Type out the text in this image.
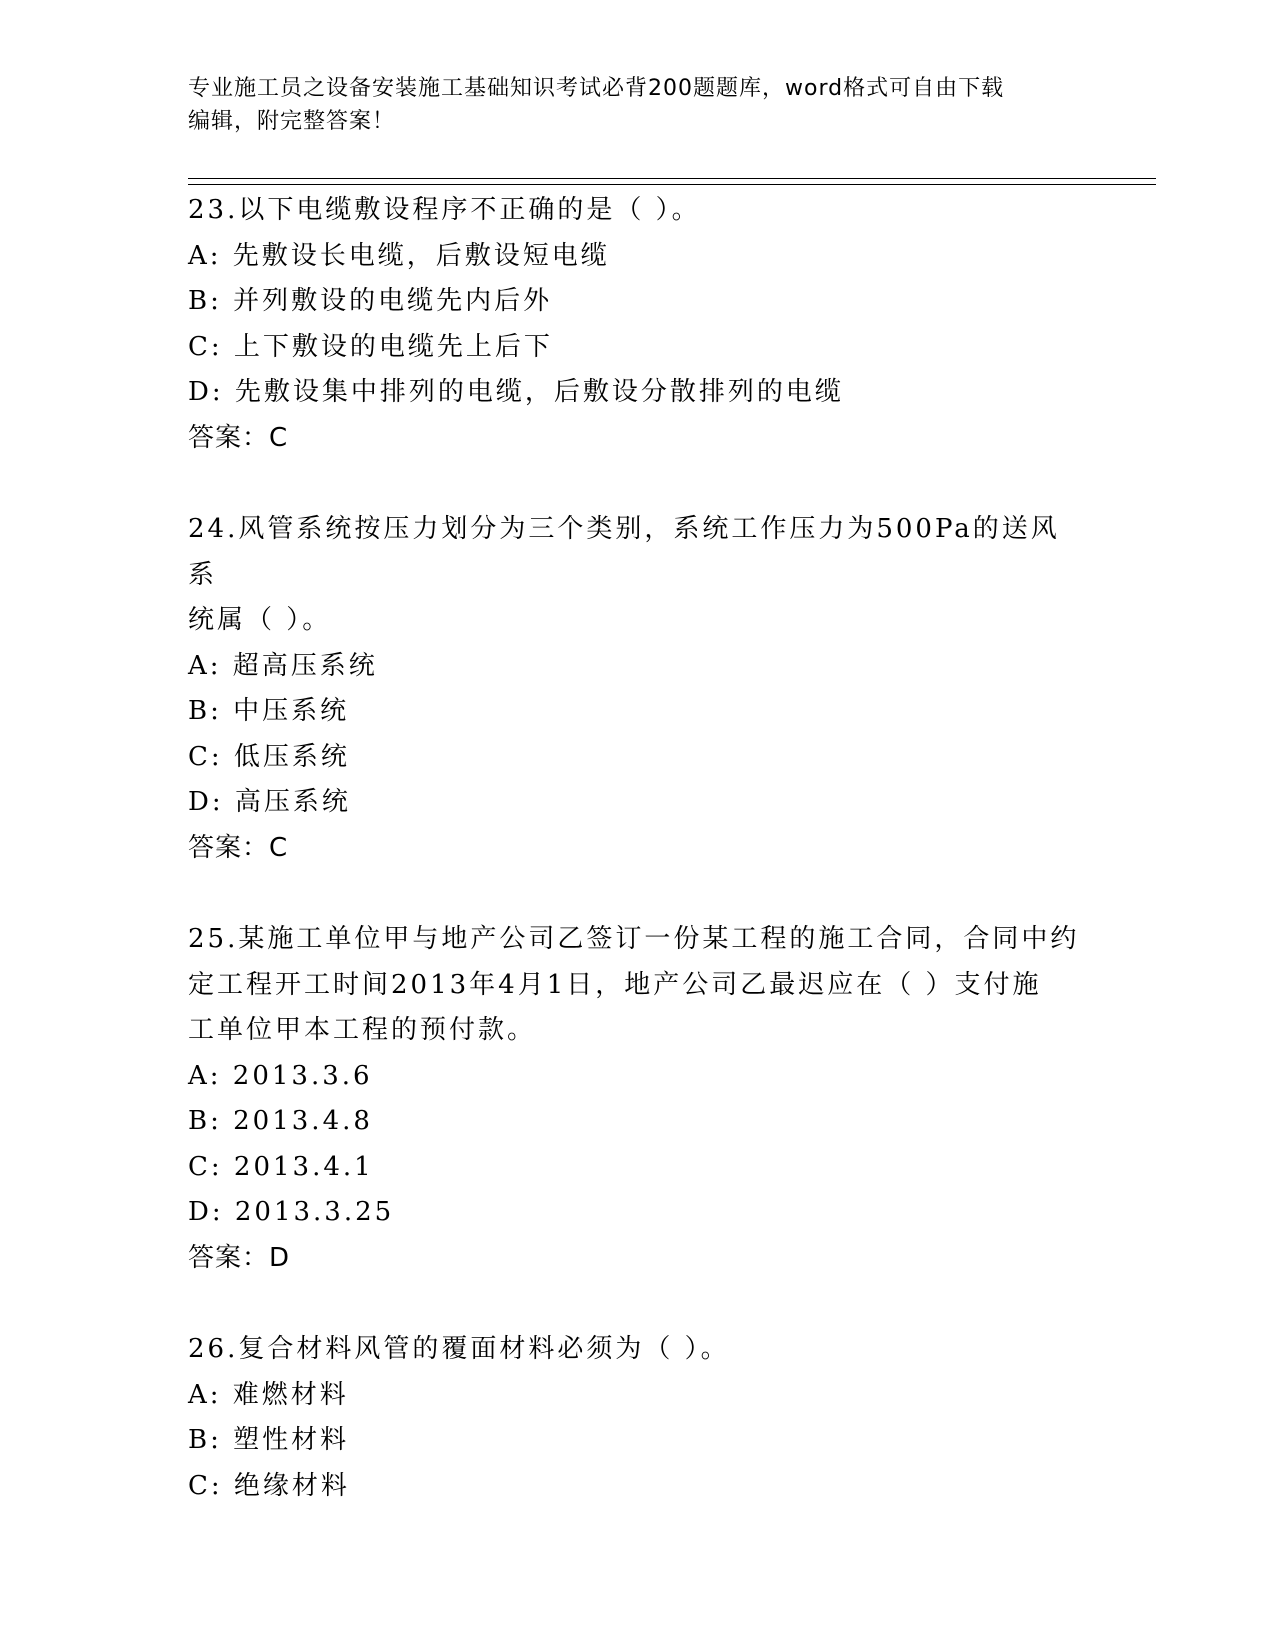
专业施工员之设备安装施工基础知识考试必背200题题库，word格式可自由下载
编辑，附完整答案！
23.以下电缆敷设程序不正确的是（ ）。
A: 先敷设长电缆，后敷设短电缆
B: 并列敷设的电缆先内后外
C: 上下敷设的电缆先上后下
D: 先敷设集中排列的电缆，后敷设分散排列的电缆
答案：C
24.风管系统按压力划分为三个类别，系统工作压力为500Pa的送风系
统属（ ）。
A: 超高压系统
B: 中压系统
C: 低压系统
D: 高压系统
答案：C
25.某施工单位甲与地产公司乙签订一份某工程的施工合同，合同中约
定工程开工时间2013年4月1日，地产公司乙最迟应在（ ）支付施
工单位甲本工程的预付款。
A: 2013.3.6
B: 2013.4.8
C: 2013.4.1
D: 2013.3.25
答案：D
26.复合材料风管的覆面材料必须为（ ）。
A: 难燃材料
B: 塑性材料
C: 绝缘材料
